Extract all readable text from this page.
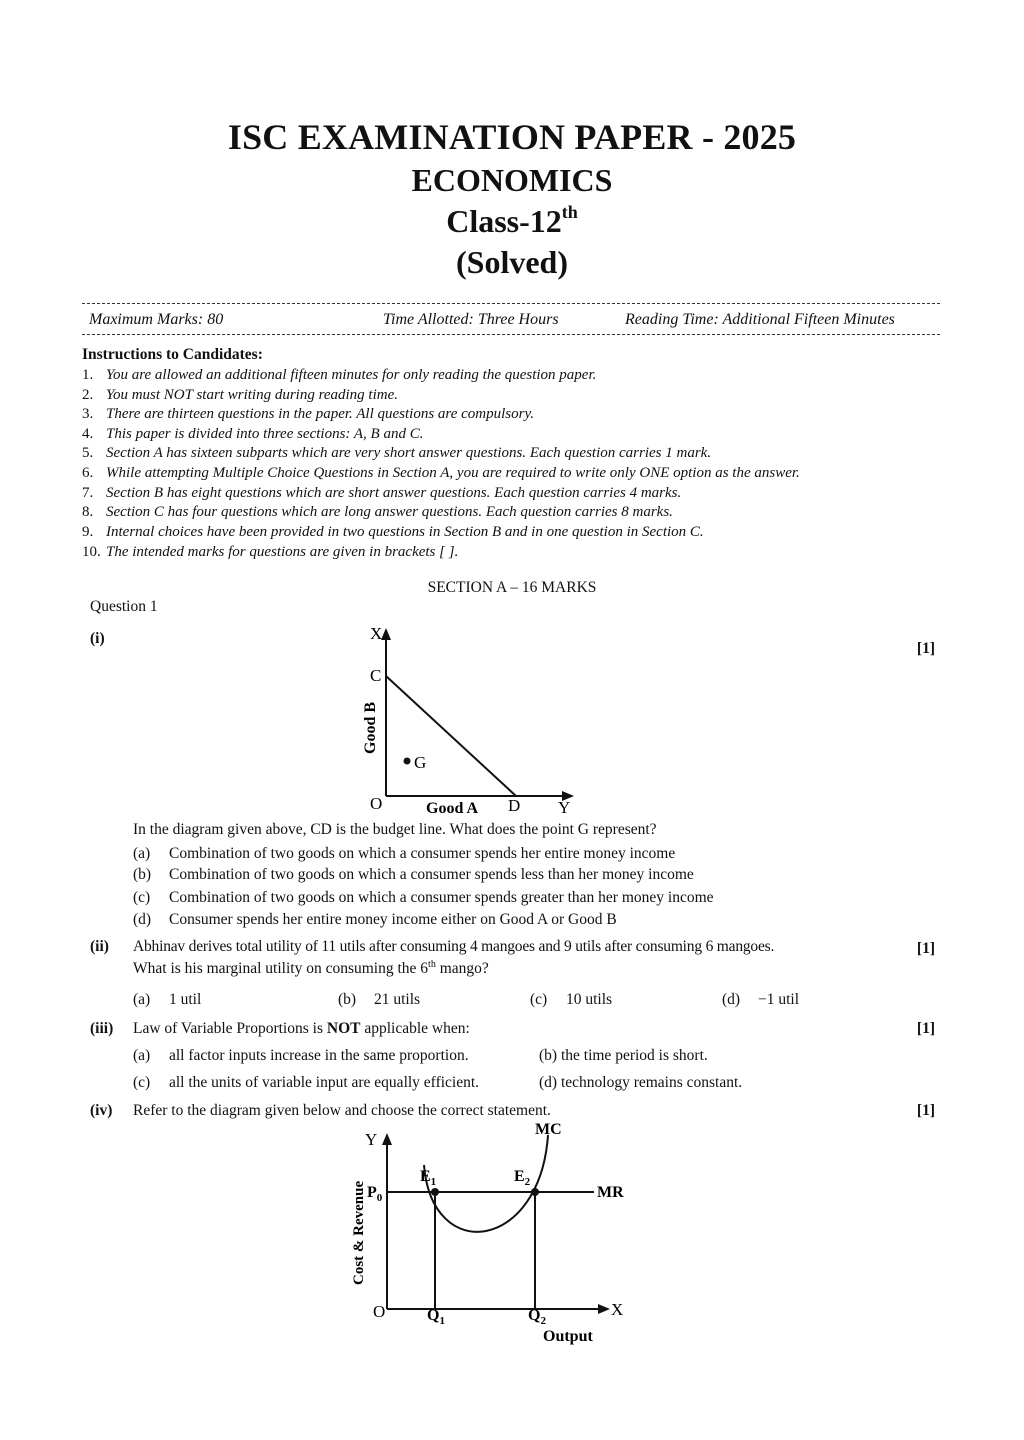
ISC EXAMINATION PAPER - 2025
ECONOMICS
Class-12th
(Solved)
Maximum Marks: 80	Time Allotted: Three Hours	Reading Time: Additional Fifteen Minutes
Instructions to Candidates:
1. You are allowed an additional fifteen minutes for only reading the question paper.
2. You must NOT start writing during reading time.
3. There are thirteen questions in the paper. All questions are compulsory.
4. This paper is divided into three sections: A, B and C.
5. Section A has sixteen subparts which are very short answer questions. Each question carries 1 mark.
6. While attempting Multiple Choice Questions in Section A, you are required to write only ONE option as the answer.
7. Section B has eight questions which are short answer questions. Each question carries 4 marks.
8. Section C has four questions which are long answer questions. Each question carries 8 marks.
9. Internal choices have been provided in two questions in Section B and in one question in Section C.
10. The intended marks for questions are given in brackets [ ].
SECTION A – 16 MARKS
Question 1
(i)
[1]
X
C
G
O	Good A D Y
Good B
In the diagram given above, CD is the budget line. What does the point G represent?
(a) Combination of two goods on which a consumer spends her entire money income
(b) Combination of two goods on which a consumer spends less than her money income
(c) Combination of two goods on which a consumer spends greater than her money income
(d) Consumer spends her entire money income either on Good A or Good B
(ii) Abhinav derives total utility of 11 utils after consuming 4 mangoes and 9 utils after consuming 6 mangoes.	[1]
What is his marginal utility on consuming the 6th mango?
(a) 1 util	(b) 21 utils	(c) 10 utils	(d) −1 util
(iii) Law of Variable Proportions is NOT applicable when:	[1]
(a) all factor inputs increase in the same proportion.	(b) the time period is short.
(c) all the units of variable input are equally efficient.	(d) technology remains constant.
(iv) Refer to the diagram given below and choose the correct statement.	[1]
Y
MC
$E_1$	$E_2$
$P_0$	MR
Cost & Revenue
O	$Q_1$	$Q_2$
X
Output
